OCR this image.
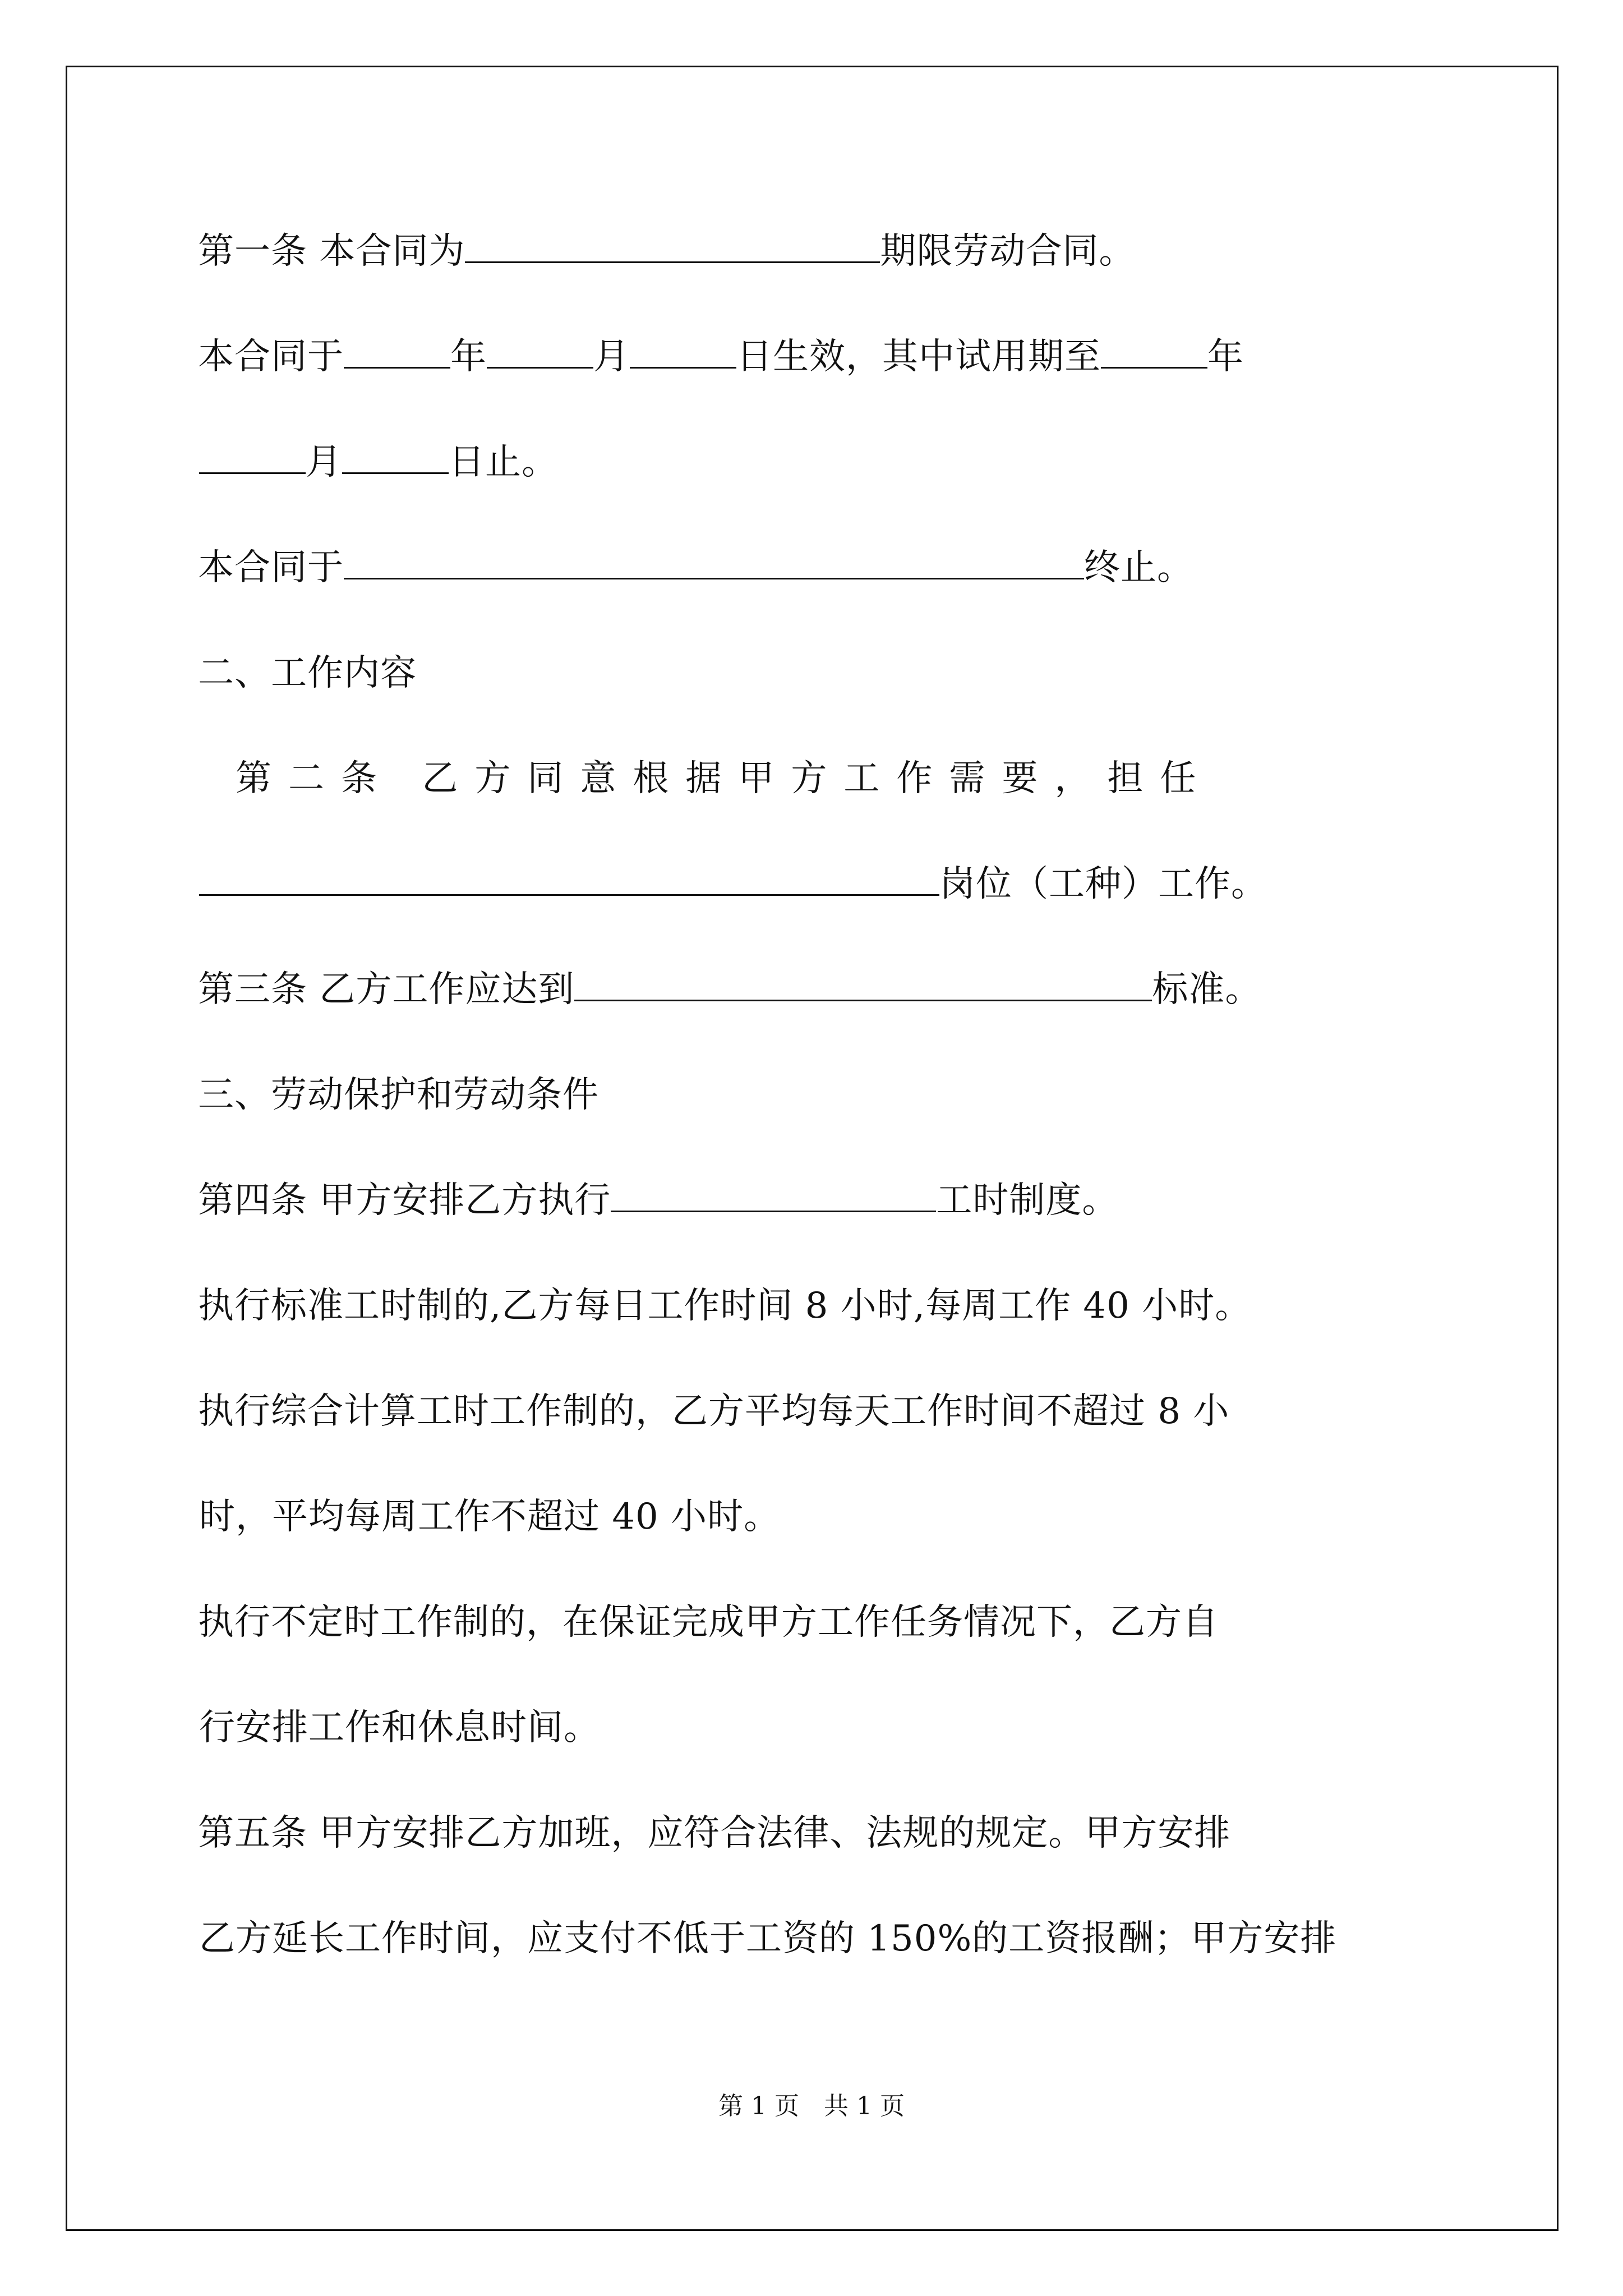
第一条 本合同为	期限劳动合同。
本合同于	年	月	日生效，其中试用期至	年
月	日止。
本合同于	终止。
二、工作内容
第二条 乙方同意根据甲方工作需要，担任
岗位（工种）工作。
第三条 乙方工作应达到	标准。
三、劳动保护和劳动条件
第四条 甲方安排乙方执行	工时制度。
执行标准工时制的,乙方每日工作时间 8 小时,每周工作 40 小时。
执行综合计算工时工作制的，乙方平均每天工作时间不超过 8 小
时，平均每周工作不超过 40 小时。
执行不定时工作制的，在保证完成甲方工作任务情况下，乙方自
行安排工作和休息时间。
第五条 甲方安排乙方加班，应符合法律、法规的规定。甲方安排
乙方延长工作时间，应支付不低于工资的 150%的工资报酬；甲方安排
第 1 页　共 1 页
